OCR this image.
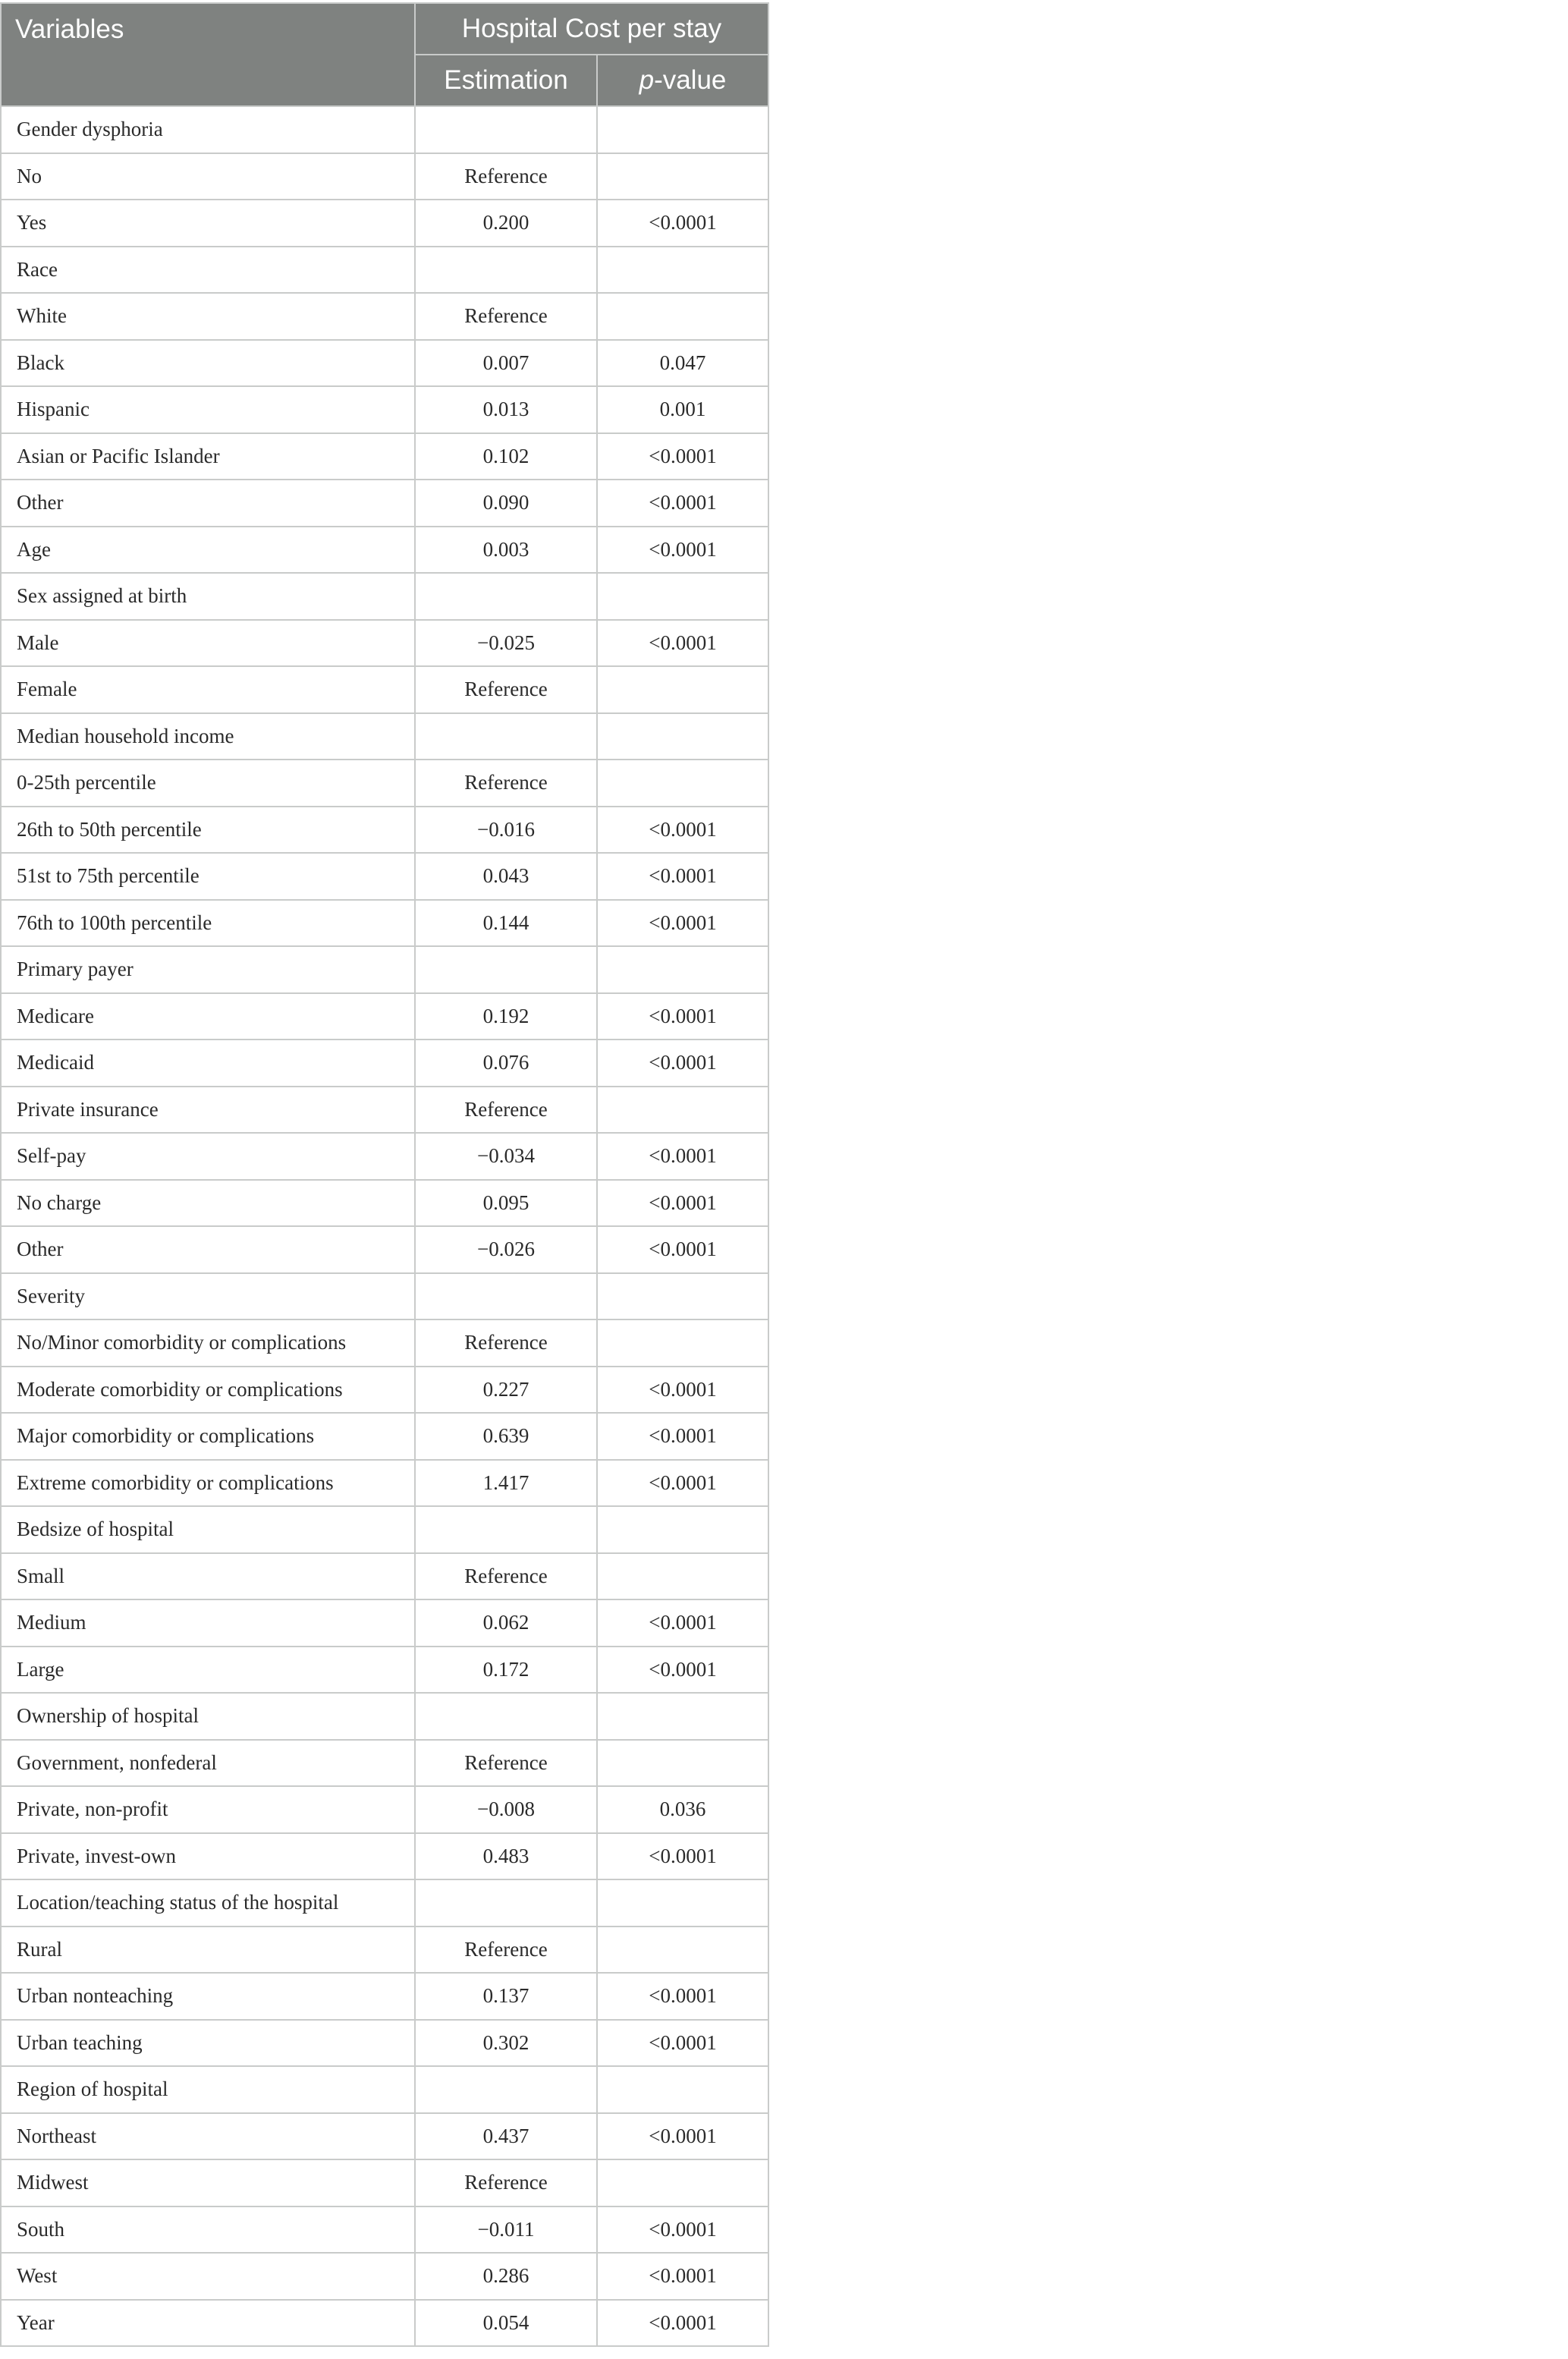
Variables	Hospital Cost per stay	
	Estimation	p-value
Gender dysphoria		
No	Reference	
Yes	0.200	<0.0001
Race		
White	Reference	
Black	0.007	0.047
Hispanic	0.013	0.001
Asian or Pacific Islander	0.102	<0.0001
Other	0.090	<0.0001
Age	0.003	<0.0001
Sex assigned at birth		
Male	−0.025	<0.0001
Female	Reference	
Median household income		
0-25th percentile	Reference	
26th to 50th percentile	−0.016	<0.0001
51st to 75th percentile	0.043	<0.0001
76th to 100th percentile	0.144	<0.0001
Primary payer		
Medicare	0.192	<0.0001
Medicaid	0.076	<0.0001
Private insurance	Reference	
Self-pay	−0.034	<0.0001
No charge	0.095	<0.0001
Other	−0.026	<0.0001
Severity		
No/Minor comorbidity or complications	Reference	
Moderate comorbidity or complications	0.227	<0.0001
Major comorbidity or complications	0.639	<0.0001
Extreme comorbidity or complications	1.417	<0.0001
Bedsize of hospital		
Small	Reference	
Medium	0.062	<0.0001
Large	0.172	<0.0001
Ownership of hospital		
Government, nonfederal	Reference	
Private, non-profit	−0.008	0.036
Private, invest-own	0.483	<0.0001
Location/teaching status of the hospital		
Rural	Reference	
Urban nonteaching	0.137	<0.0001
Urban teaching	0.302	<0.0001
Region of hospital		
Northeast	0.437	<0.0001
Midwest	Reference	
South	−0.011	<0.0001
West	0.286	<0.0001
Year	0.054	<0.0001
